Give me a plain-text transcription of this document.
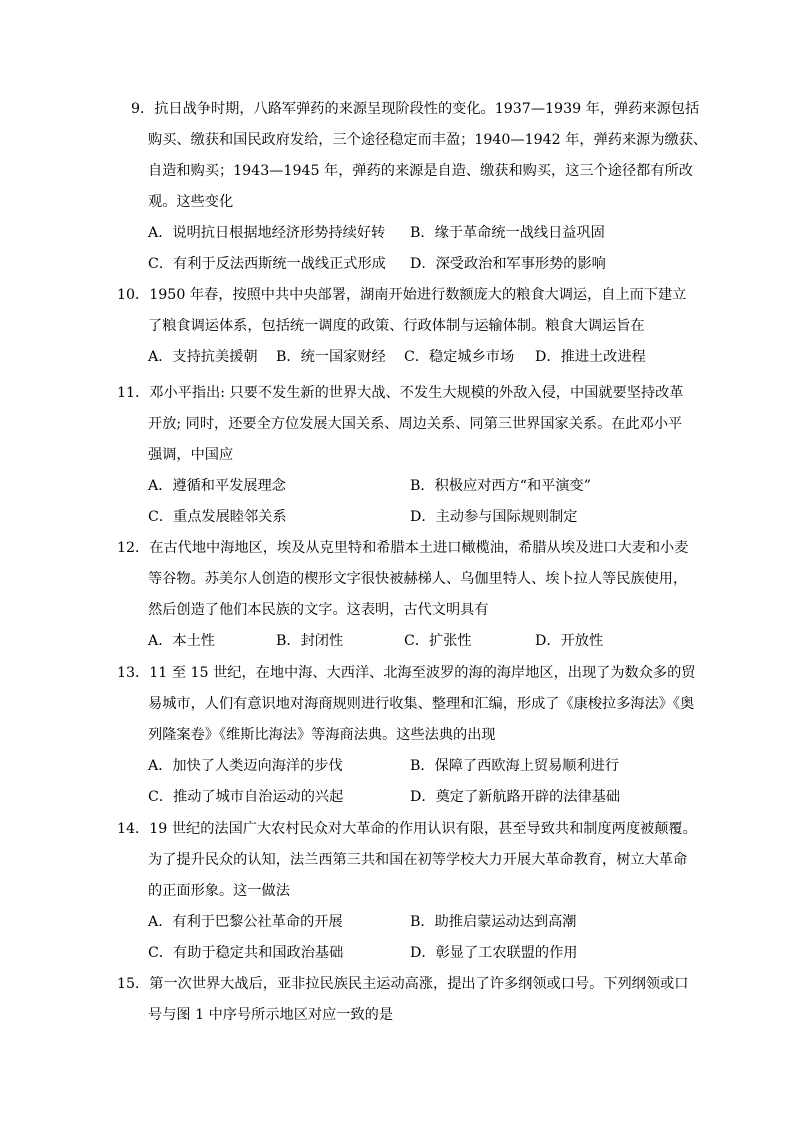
9．抗日战争时期，八路军弹药的来源呈现阶段性的变化。1937—1939 年，弹药来源包括
购买、缴获和国民政府发给，三个途径稳定而丰盈；1940—1942 年，弹药来源为缴获、
自造和购买；1943—1945 年，弹药的来源是自造、缴获和购买，这三个途径都有所改
观。这些变化
A．说明抗日根据地经济形势持续好转 B．缘于革命统一战线日益巩固
C．有利于反法西斯统一战线正式形成 D．深受政治和军事形势的影响
10．1950 年春，按照中共中央部署，湖南开始进行数额庞大的粮食大调运，自上而下建立
了粮食调运体系，包括统一调度的政策、行政体制与运输体制。粮食大调运旨在
A．支持抗美援朝 B．统一国家财经 C．稳定城乡市场 D．推进土改进程
11．邓小平指出: 只要不发生新的世界大战、不发生大规模的外敌入侵，中国就要坚持改革
开放; 同时，还要全方位发展大国关系、周边关系、同第三世界国家关系。在此邓小平
强调，中国应
A．遵循和平发展理念	B．积极应对西方“和平演变”
C．重点发展睦邻关系	D．主动参与国际规则制定
12．在古代地中海地区，埃及从克里特和希腊本土进口橄榄油，希腊从埃及进口大麦和小麦
等谷物。苏美尔人创造的楔形文字很快被赫梯人、乌伽里特人、埃卜拉人等民族使用，
然后创造了他们本民族的文字。这表明，古代文明具有
A．本土性	B．封闭性	C．扩张性	D．开放性
13．11 至 15 世纪，在地中海、大西洋、北海至波罗的海的海岸地区，出现了为数众多的贸
易城市，人们有意识地对海商规则进行收集、整理和汇编，形成了《康梭拉多海法》《奥
列隆案卷》《维斯比海法》等海商法典。这些法典的出现
A．加快了人类迈向海洋的步伐	B．保障了西欧海上贸易顺利进行
C．推动了城市自治运动的兴起	D．奠定了新航路开辟的法律基础
14．19 世纪的法国广大农村民众对大革命的作用认识有限，甚至导致共和制度两度被颠覆。
为了提升民众的认知，法兰西第三共和国在初等学校大力开展大革命教育，树立大革命
的正面形象。这一做法
A．有利于巴黎公社革命的开展	B．助推启蒙运动达到高潮
C．有助于稳定共和国政治基础	D．彰显了工农联盟的作用
15．第一次世界大战后，亚非拉民族民主运动高涨，提出了许多纲领或口号。下列纲领或口
号与图 1 中序号所示地区对应一致的是
